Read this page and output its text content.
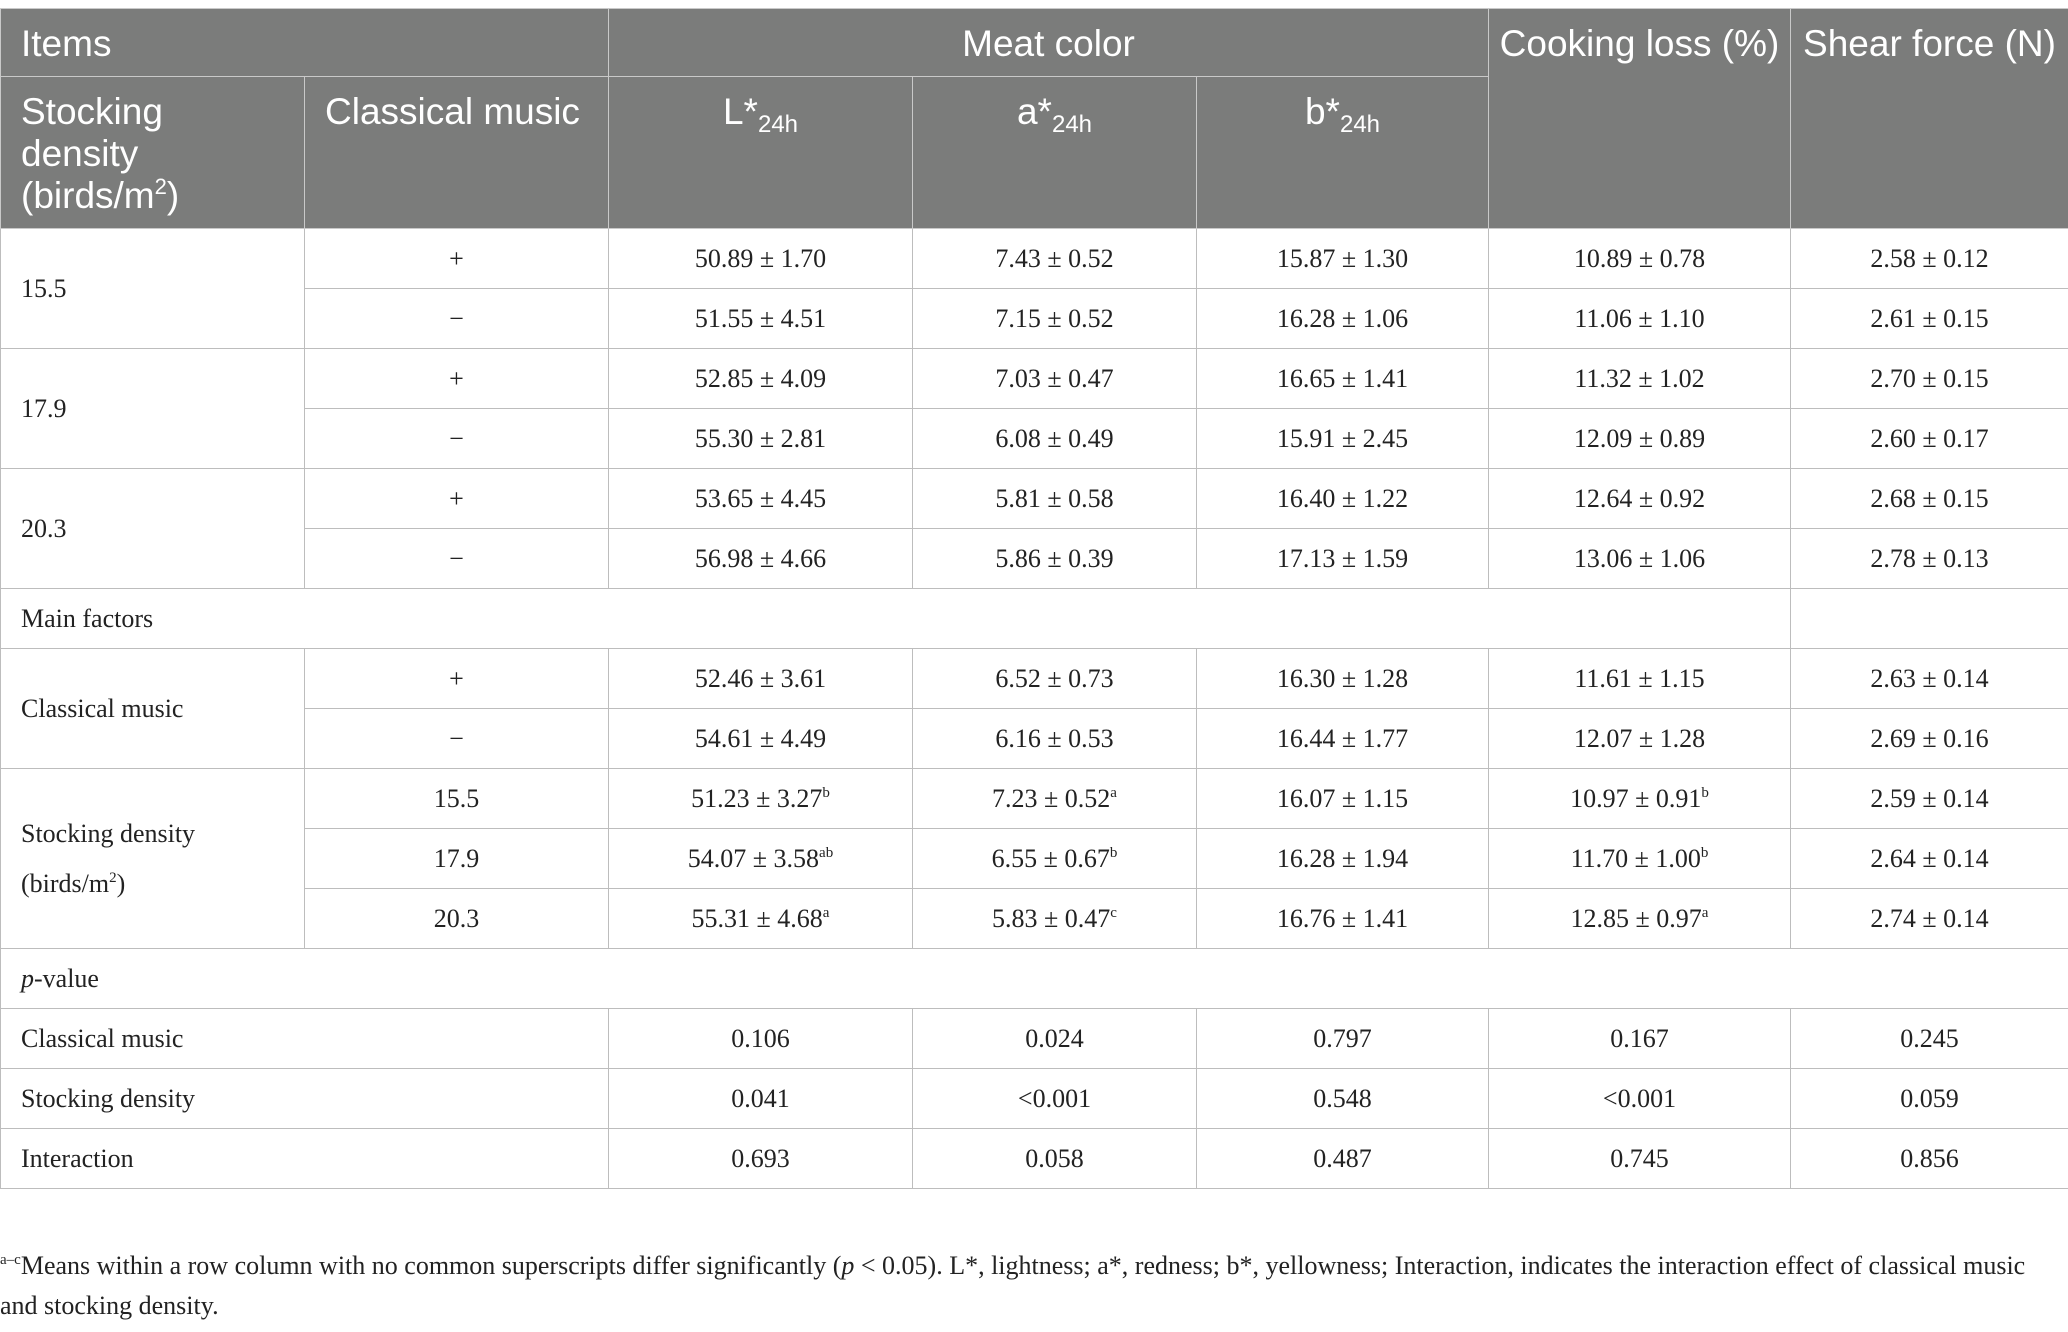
Items		Meat color			Cooking loss (%)	Shear force (N)
Stocking density $(birds/m^2)$	Classical music	$L*_{24h}$	$a*_{24h}$	$b*_{24h}$
15.5	+	50.89 ± 1.70	7.43 ± 0.52	15.87 ± 1.30	10.89 ± 0.78	2.58 ± 0.12
	−	51.55 ± 4.51	7.15 ± 0.52	16.28 ± 1.06	11.06 ± 1.10	2.61 ± 0.15
17.9	+	52.85 ± 4.09	7.03 ± 0.47	16.65 ± 1.41	11.32 ± 1.02	2.70 ± 0.15
	−	55.30 ± 2.81	6.08 ± 0.49	15.91 ± 2.45	12.09 ± 0.89	2.60 ± 0.17
20.3	+	53.65 ± 4.45	5.81 ± 0.58	16.40 ± 1.22	12.64 ± 0.92	2.68 ± 0.15
	−	56.98 ± 4.66	5.86 ± 0.39	17.13 ± 1.59	13.06 ± 1.06	2.78 ± 0.13
Main factors						
Classical music	+	52.46 ± 3.61	6.52 ± 0.73	16.30 ± 1.28	11.61 ± 1.15	2.63 ± 0.14
	−	54.61 ± 4.49	6.16 ± 0.53	16.44 ± 1.77	12.07 ± 1.28	2.69 ± 0.16
Stocking density
$(birds/m^2)$	15.5	51.23 ± 3.27$^b$	7.23 ± 0.52$^a$	16.07 ± 1.15	10.97 ± 0.91$^b$	2.59 ± 0.14
	17.9	54.07 ± 3.58$^{ab}$	6.55 ± 0.67$^b$	16.28 ± 1.94	11.70 ± 1.00$^b$	2.64 ± 0.14
	20.3	55.31 ± 4.68$^a$	5.83 ± 0.47$^c$	16.76 ± 1.41	12.85 ± 0.97$^a$	2.74 ± 0.14
p-value						
Classical music		0.106	0.024	0.797	0.167	0.245
Stocking density		0.041	<0.001	0.548	<0.001	0.059
Interaction		0.693	0.058	0.487	0.745	0.856
$^{a-c}$Means within a row column with no common superscripts differ significantly (p < 0.05). L*, lightness; a*, redness; b*, yellowness; Interaction, indicates the interaction effect of classical music and stocking density.
